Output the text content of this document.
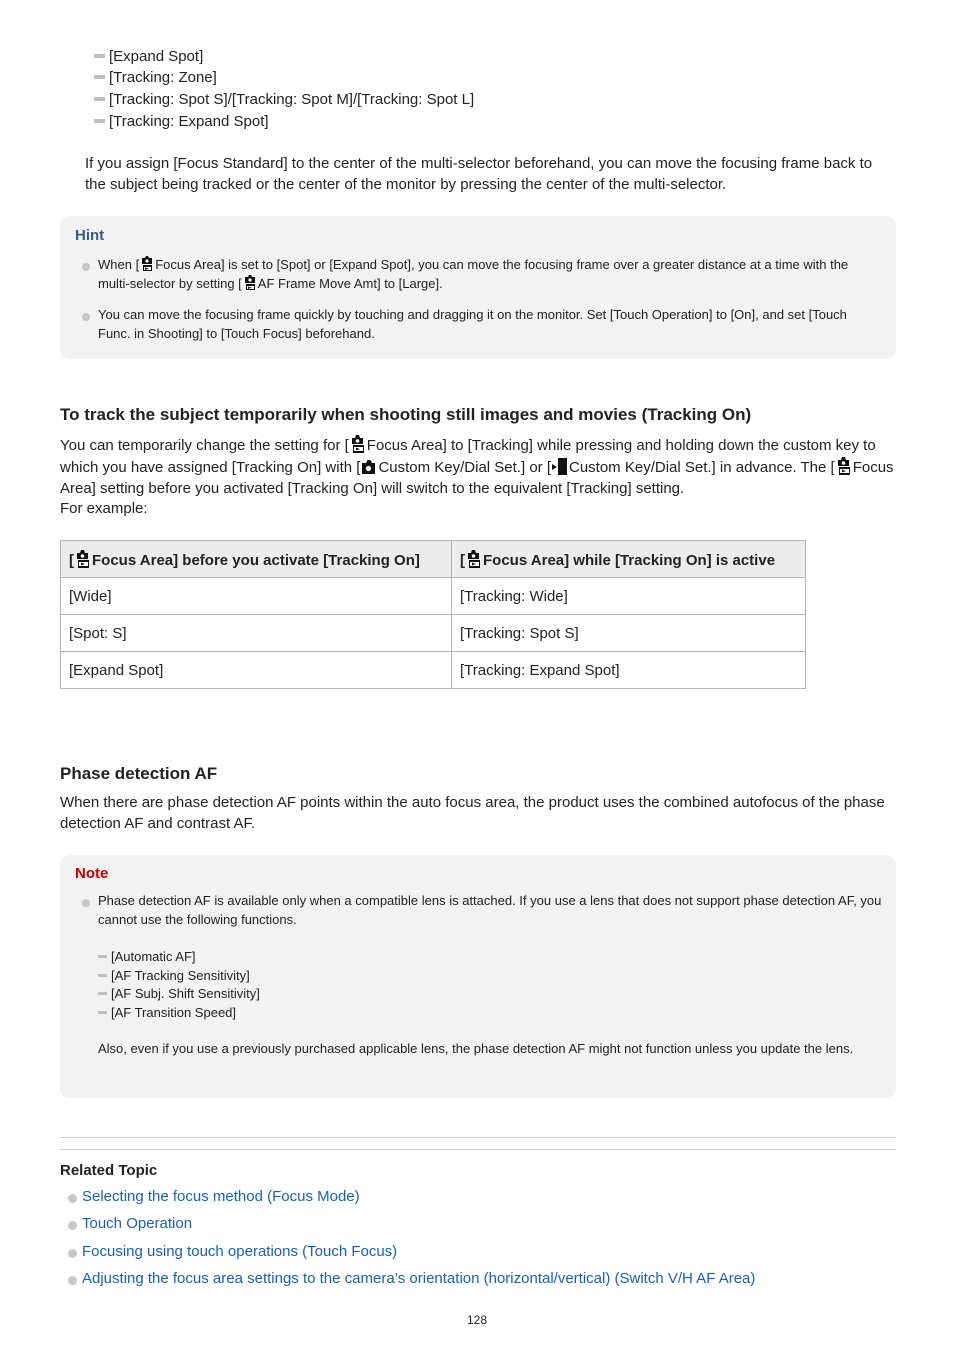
[Expand Spot]
[Tracking: Zone]
[Tracking: Spot S]/[Tracking: Spot M]/[Tracking: Spot L]
[Tracking: Expand Spot]
If you assign [Focus Standard] to the center of the multi-selector beforehand, you can move the focusing frame back to the subject being tracked or the center of the monitor by pressing the center of the multi-selector.
Hint
When [ Focus Area] is set to [Spot] or [Expand Spot], you can move the focusing frame over a greater distance at a time with the multi-selector by setting [ AF Frame Move Amt] to [Large].
You can move the focusing frame quickly by touching and dragging it on the monitor. Set [Touch Operation] to [On], and set [Touch Func. in Shooting] to [Touch Focus] beforehand.
To track the subject temporarily when shooting still images and movies (Tracking On)
You can temporarily change the setting for [ Focus Area] to [Tracking] while pressing and holding down the custom key to which you have assigned [Tracking On] with [ Custom Key/Dial Set.] or [ Custom Key/Dial Set.] in advance. The [ Focus Area] setting before you activated [Tracking On] will switch to the equivalent [Tracking] setting.
For example:
[ Focus Area] before you activate [Tracking On]	[ Focus Area] while [Tracking On] is active
[Wide]	[Tracking: Wide]
[Spot: S]	[Tracking: Spot S]
[Expand Spot]	[Tracking: Expand Spot]
Phase detection AF
When there are phase detection AF points within the auto focus area, the product uses the combined autofocus of the phase detection AF and contrast AF.
Note
Phase detection AF is available only when a compatible lens is attached. If you use a lens that does not support phase detection AF, you cannot use the following functions.
[Automatic AF]
[AF Tracking Sensitivity]
[AF Subj. Shift Sensitivity]
[AF Transition Speed]
Also, even if you use a previously purchased applicable lens, the phase detection AF might not function unless you update the lens.
Related Topic
Selecting the focus method (Focus Mode)
Touch Operation
Focusing using touch operations (Touch Focus)
Adjusting the focus area settings to the camera’s orientation (horizontal/vertical) (Switch V/H AF Area)
128
